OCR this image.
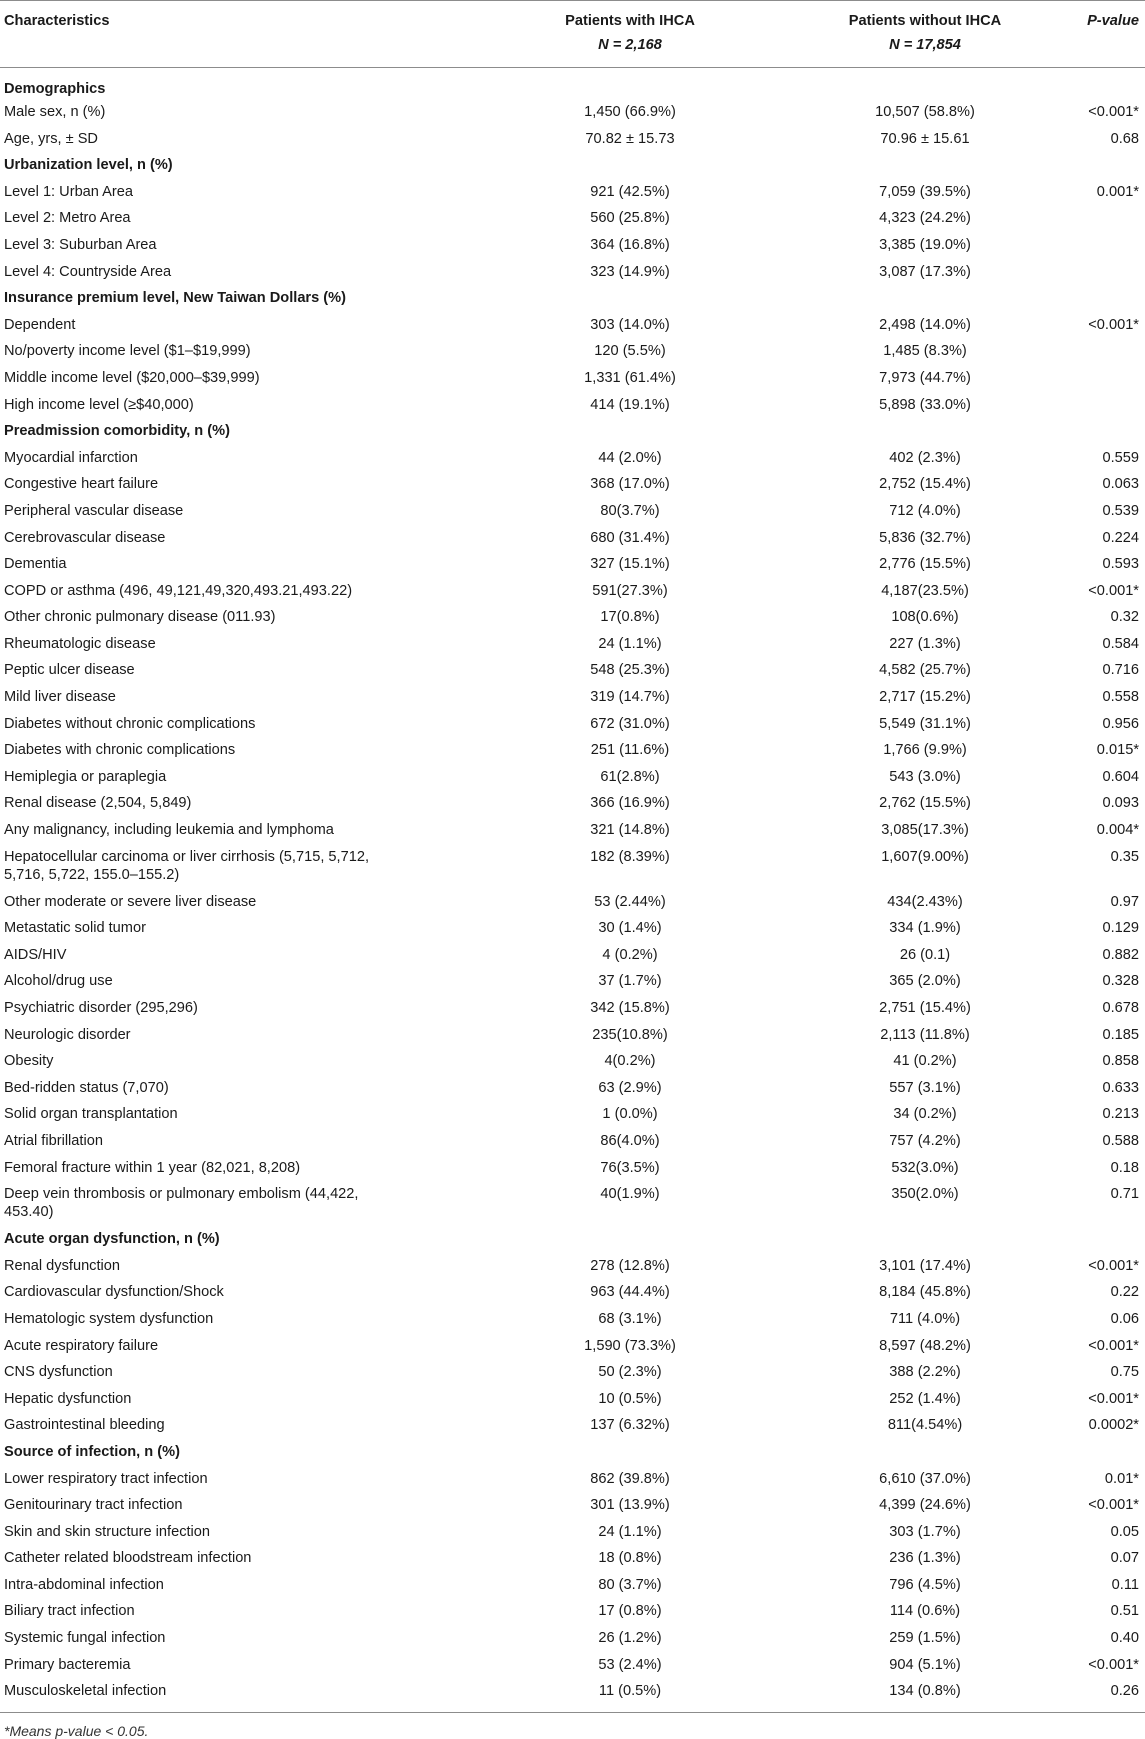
Characteristics	Patients with IHCA	Patients without IHCA	P-value
	N = 2,168	N = 17,854	
Demographics			
Male sex, n (%)	1,450 (66.9%)	10,507 (58.8%)	<0.001*
Age, yrs, ± SD	70.82 ± 15.73	70.96 ± 15.61	0.68
Urbanization level, n (%)			
Level 1: Urban Area	921 (42.5%)	7,059 (39.5%)	0.001*
Level 2: Metro Area	560 (25.8%)	4,323 (24.2%)	
Level 3: Suburban Area	364 (16.8%)	3,385 (19.0%)	
Level 4: Countryside Area	323 (14.9%)	3,087 (17.3%)	
Insurance premium level, New Taiwan Dollars (%)			
Dependent	303 (14.0%)	2,498 (14.0%)	<0.001*
No/poverty income level ($1–$19,999)	120 (5.5%)	1,485 (8.3%)	
Middle income level ($20,000–$39,999)	1,331 (61.4%)	7,973 (44.7%)	
High income level (≥$40,000)	414 (19.1%)	5,898 (33.0%)	
Preadmission comorbidity, n (%)			
Myocardial infarction	44 (2.0%)	402 (2.3%)	0.559
Congestive heart failure	368 (17.0%)	2,752 (15.4%)	0.063
Peripheral vascular disease	80(3.7%)	712 (4.0%)	0.539
Cerebrovascular disease	680 (31.4%)	5,836 (32.7%)	0.224
Dementia	327 (15.1%)	2,776 (15.5%)	0.593
COPD or asthma (496, 49,121,49,320,493.21,493.22)	591(27.3%)	4,187(23.5%)	<0.001*
Other chronic pulmonary disease (011.93)	17(0.8%)	108(0.6%)	0.32
Rheumatologic disease	24 (1.1%)	227 (1.3%)	0.584
Peptic ulcer disease	548 (25.3%)	4,582 (25.7%)	0.716
Mild liver disease	319 (14.7%)	2,717 (15.2%)	0.558
Diabetes without chronic complications	672 (31.0%)	5,549 (31.1%)	0.956
Diabetes with chronic complications	251 (11.6%)	1,766 (9.9%)	0.015*
Hemiplegia or paraplegia	61(2.8%)	543 (3.0%)	0.604
Renal disease (2,504, 5,849)	366 (16.9%)	2,762 (15.5%)	0.093
Any malignancy, including leukemia and lymphoma	321 (14.8%)	3,085(17.3%)	0.004*

Hepatocellular carcinoma or liver cirrhosis (5,715, 5,712,
5,716, 5,722, 155.0–155.2)	182 (8.39%)	1,607(9.00%)	0.35
Other moderate or severe liver disease	53 (2.44%)	434(2.43%)	0.97
Metastatic solid tumor	30 (1.4%)	334 (1.9%)	0.129
AIDS/HIV	4 (0.2%)	26 (0.1)	0.882
Alcohol/drug use	37 (1.7%)	365 (2.0%)	0.328
Psychiatric disorder (295,296)	342 (15.8%)	2,751 (15.4%)	0.678
Neurologic disorder	235(10.8%)	2,113 (11.8%)	0.185
Obesity	4(0.2%)	41 (0.2%)	0.858
Bed-ridden status (7,070)	63 (2.9%)	557 (3.1%)	0.633
Solid organ transplantation	1 (0.0%)	34 (0.2%)	0.213
Atrial fibrillation	86(4.0%)	757 (4.2%)	0.588
Femoral fracture within 1 year (82,021, 8,208)	76(3.5%)	532(3.0%)	0.18

Deep vein thrombosis or pulmonary embolism (44,422,
453.40)	40(1.9%)	350(2.0%)	0.71
Acute organ dysfunction, n (%)			
Renal dysfunction	278 (12.8%)	3,101 (17.4%)	<0.001*
Cardiovascular dysfunction/Shock	963 (44.4%)	8,184 (45.8%)	0.22
Hematologic system dysfunction	68 (3.1%)	711 (4.0%)	0.06
Acute respiratory failure	1,590 (73.3%)	8,597 (48.2%)	<0.001*
CNS dysfunction	50 (2.3%)	388 (2.2%)	0.75
Hepatic dysfunction	10 (0.5%)	252 (1.4%)	<0.001*
Gastrointestinal bleeding	137 (6.32%)	811(4.54%)	0.0002*
Source of infection, n (%)			
Lower respiratory tract infection	862 (39.8%)	6,610 (37.0%)	0.01*
Genitourinary tract infection	301 (13.9%)	4,399 (24.6%)	<0.001*
Skin and skin structure infection	24 (1.1%)	303 (1.7%)	0.05
Catheter related bloodstream infection	18 (0.8%)	236 (1.3%)	0.07
Intra-abdominal infection	80 (3.7%)	796 (4.5%)	0.11
Biliary tract infection	17 (0.8%)	114 (0.6%)	0.51
Systemic fungal infection	26 (1.2%)	259 (1.5%)	0.40
Primary bacteremia	53 (2.4%)	904 (5.1%)	<0.001*
Musculoskeletal infection	11 (0.5%)	134 (0.8%)	0.26
*Means p-value < 0.05.
